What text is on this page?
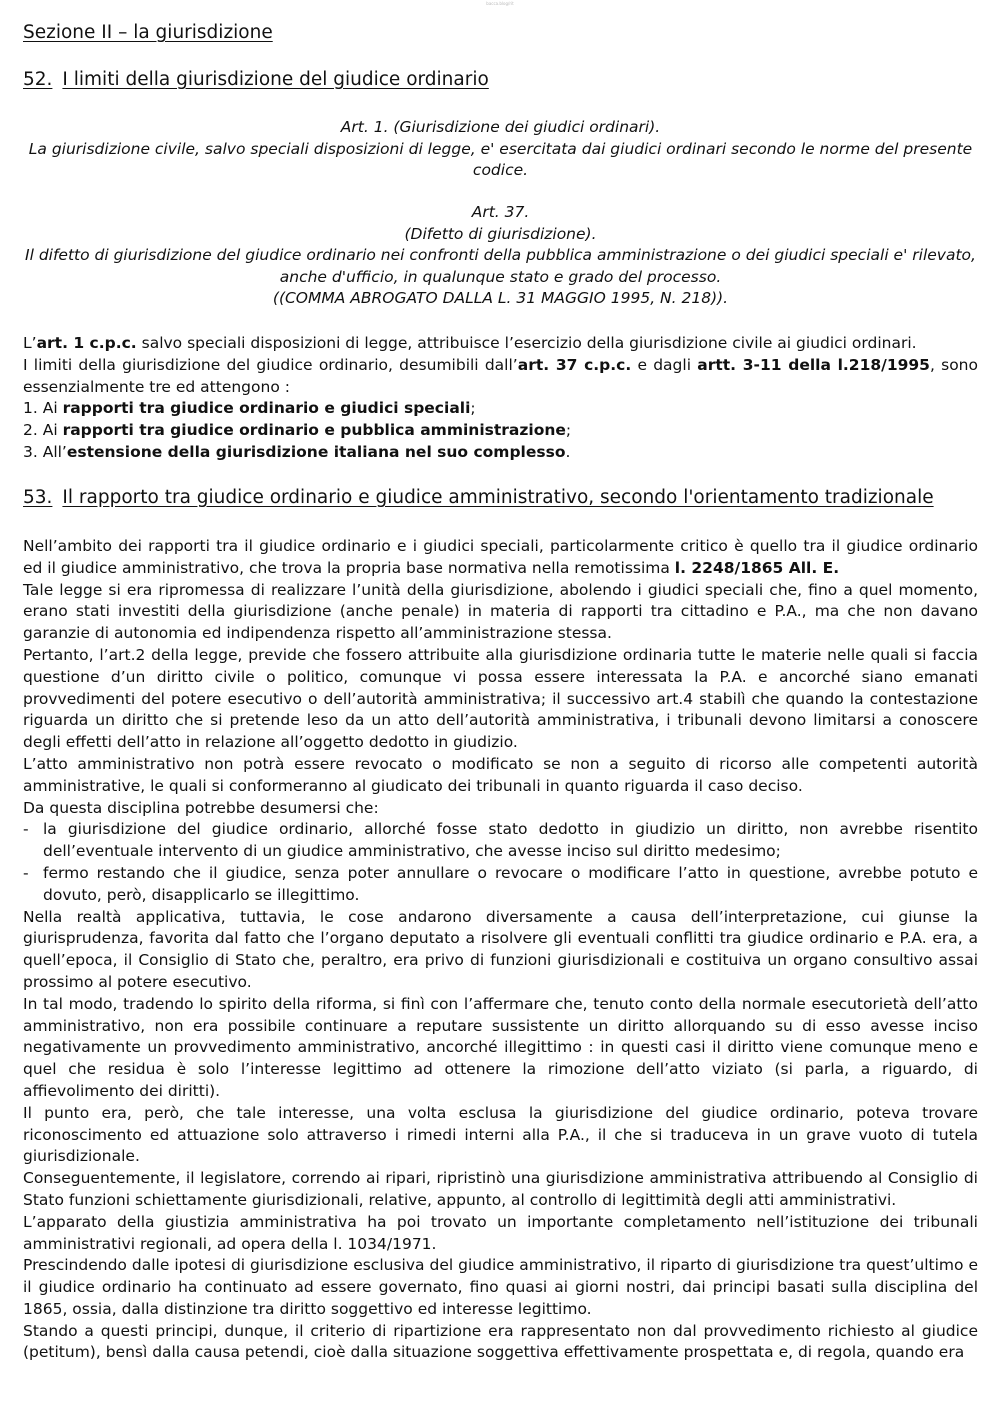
bacca.blog/rit
Sezione II – la giurisdizione
52. I limiti della giurisdizione del giudice ordinario

Art. 1. (Giurisdizione dei giudici ordinari).

La giurisdizione civile, salvo speciali disposizioni di legge, e' esercitata dai giudici ordinari secondo le norme del presente codice.

Art. 37.

(Difetto di giurisdizione).

Il difetto di giurisdizione del giudice ordinario nei confronti della pubblica amministrazione o dei giudici speciali e' rilevato, anche d'ufficio, in qualunque stato e grado del processo.

((COMMA ABROGATO DALLA L. 31 MAGGIO 1995, N. 218)).

L’art. 1 c.p.c. salvo speciali disposizioni di legge, attribuisce l’esercizio della giurisdizione civile ai giudici ordinari.

I limiti della giurisdizione del giudice ordinario, desumibili dall’art. 37 c.p.c. e dagli artt. 3-11 della l.218/1995, sono essenzialmente tre ed attengono :

1. Ai rapporti tra giudice ordinario e giudici speciali;
2. Ai rapporti tra giudice ordinario e pubblica amministrazione;
3. All’estensione della giurisdizione italiana nel suo complesso.
53. Il rapporto tra giudice ordinario e giudice amministrativo, secondo l'orientamento tradizionale

Nell’ambito dei rapporti tra il giudice ordinario e i giudici speciali, particolarmente critico è quello tra il giudice ordinario ed il giudice amministrativo, che trova la propria base normativa nella remotissima l. 2248/1865 All. E.

Tale legge si era ripromessa di realizzare l’unità della giurisdizione, abolendo i giudici speciali che, fino a quel momento, erano stati investiti della giurisdizione (anche penale) in materia di rapporti tra cittadino e P.A., ma che non davano garanzie di autonomia ed indipendenza rispetto all’amministrazione stessa.

Pertanto, l’art.2 della legge, previde che fossero attribuite alla giurisdizione ordinaria tutte le materie nelle quali si faccia questione d’un diritto civile o politico, comunque vi possa essere interessata la P.A. e ancorché siano emanati provvedimenti del potere esecutivo o dell’autorità amministrativa; il successivo art.4 stabilì che quando la contestazione riguarda un diritto che si pretende leso da un atto dell’autorità amministrativa, i tribunali devono limitarsi a conoscere degli effetti dell’atto in relazione all’oggetto dedotto in giudizio.

L’atto amministrativo non potrà essere revocato o modificato se non a seguito di ricorso alle competenti autorità amministrative, le quali si conformeranno al giudicato dei tribunali in quanto riguarda il caso deciso.

Da questa disciplina potrebbe desumersi che:

- la giurisdizione del giudice ordinario, allorché fosse stato dedotto in giudizio un diritto, non avrebbe risentito dell’eventuale intervento di un giudice amministrativo, che avesse inciso sul diritto medesimo;
- fermo restando che il giudice, senza poter annullare o revocare o modificare l’atto in questione, avrebbe potuto e dovuto, però, disapplicarlo se illegittimo.

Nella realtà applicativa, tuttavia, le cose andarono diversamente a causa dell’interpretazione, cui giunse la giurisprudenza, favorita dal fatto che l’organo deputato a risolvere gli eventuali conflitti tra giudice ordinario e P.A. era, a quell’epoca, il Consiglio di Stato che, peraltro, era privo di funzioni giurisdizionali e costituiva un organo consultivo assai prossimo al potere esecutivo.

In tal modo, tradendo lo spirito della riforma, si finì con l’affermare che, tenuto conto della normale esecutorietà dell’atto amministrativo, non era possibile continuare a reputare sussistente un diritto allorquando su di esso avesse inciso negativamente un provvedimento amministrativo, ancorché illegittimo : in questi casi il diritto viene comunque meno e quel che residua è solo l’interesse legittimo ad ottenere la rimozione dell’atto viziato (si parla, a riguardo, di affievolimento dei diritti).

Il punto era, però, che tale interesse, una volta esclusa la giurisdizione del giudice ordinario, poteva trovare riconoscimento ed attuazione solo attraverso i rimedi interni alla P.A., il che si traduceva in un grave vuoto di tutela giurisdizionale.

Conseguentemente, il legislatore, correndo ai ripari, ripristinò una giurisdizione amministrativa attribuendo al Consiglio di Stato funzioni schiettamente giurisdizionali, relative, appunto, al controllo di legittimità degli atti amministrativi.

L’apparato della giustizia amministrativa ha poi trovato un importante completamento nell’istituzione dei tribunali amministrativi regionali, ad opera della l. 1034/1971.

Prescindendo dalle ipotesi di giurisdizione esclusiva del giudice amministrativo, il riparto di giurisdizione tra quest’ultimo e il giudice ordinario ha continuato ad essere governato, fino quasi ai giorni nostri, dai principi basati sulla disciplina del 1865, ossia, dalla distinzione tra diritto soggettivo ed interesse legittimo.

Stando a questi principi, dunque, il criterio di ripartizione era rappresentato non dal provvedimento richiesto al giudice (petitum), bensì dalla causa petendi, cioè dalla situazione soggettiva effettivamente prospettata e, di regola, quando era
